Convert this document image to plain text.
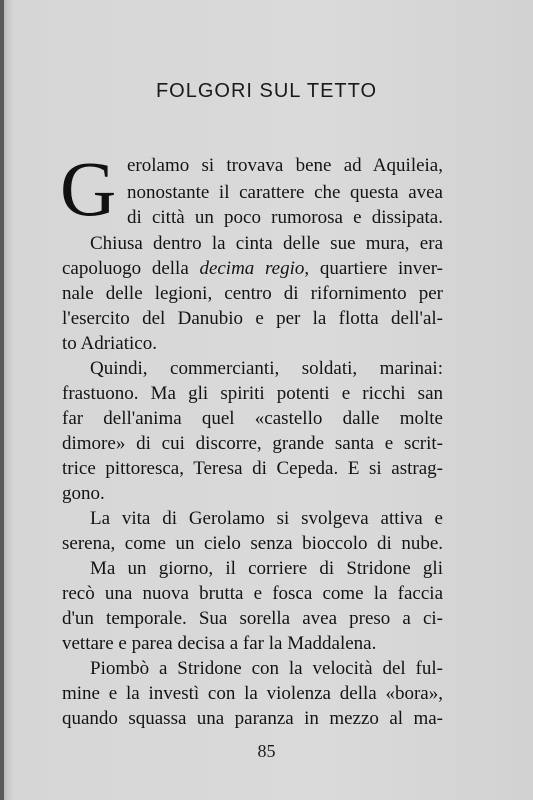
FOLGORI SUL TETTO
G erolamo si trovava bene ad Aquileia,
nonostante il carattere che questa avea
di città un poco rumorosa e dissipata.
Chiusa dentro la cinta delle sue mura, era
capoluogo della decima regio, quartiere inver-
nale delle legioni, centro di rifornimento per
l'esercito del Danubio e per la flotta dell'al-
to Adriatico.
Quindi, commercianti, soldati, marinai:
frastuono. Ma gli spiriti potenti e ricchi san
far dell'anima quel «castello dalle molte
dimore» di cui discorre, grande santa e scrit-
trice pittoresca, Teresa di Cepeda. E si astrag-
gono.
La vita di Gerolamo si svolgeva attiva e
serena, come un cielo senza bioccolo di nube.
Ma un giorno, il corriere di Stridone gli
recò una nuova brutta e fosca come la faccia
d'un temporale. Sua sorella avea preso a ci-
vettare e parea decisa a far la Maddalena.
Piombò a Stridone con la velocità del ful-
mine e la investì con la violenza della «bora»,
quando squassa una paranza in mezzo al ma-
85
